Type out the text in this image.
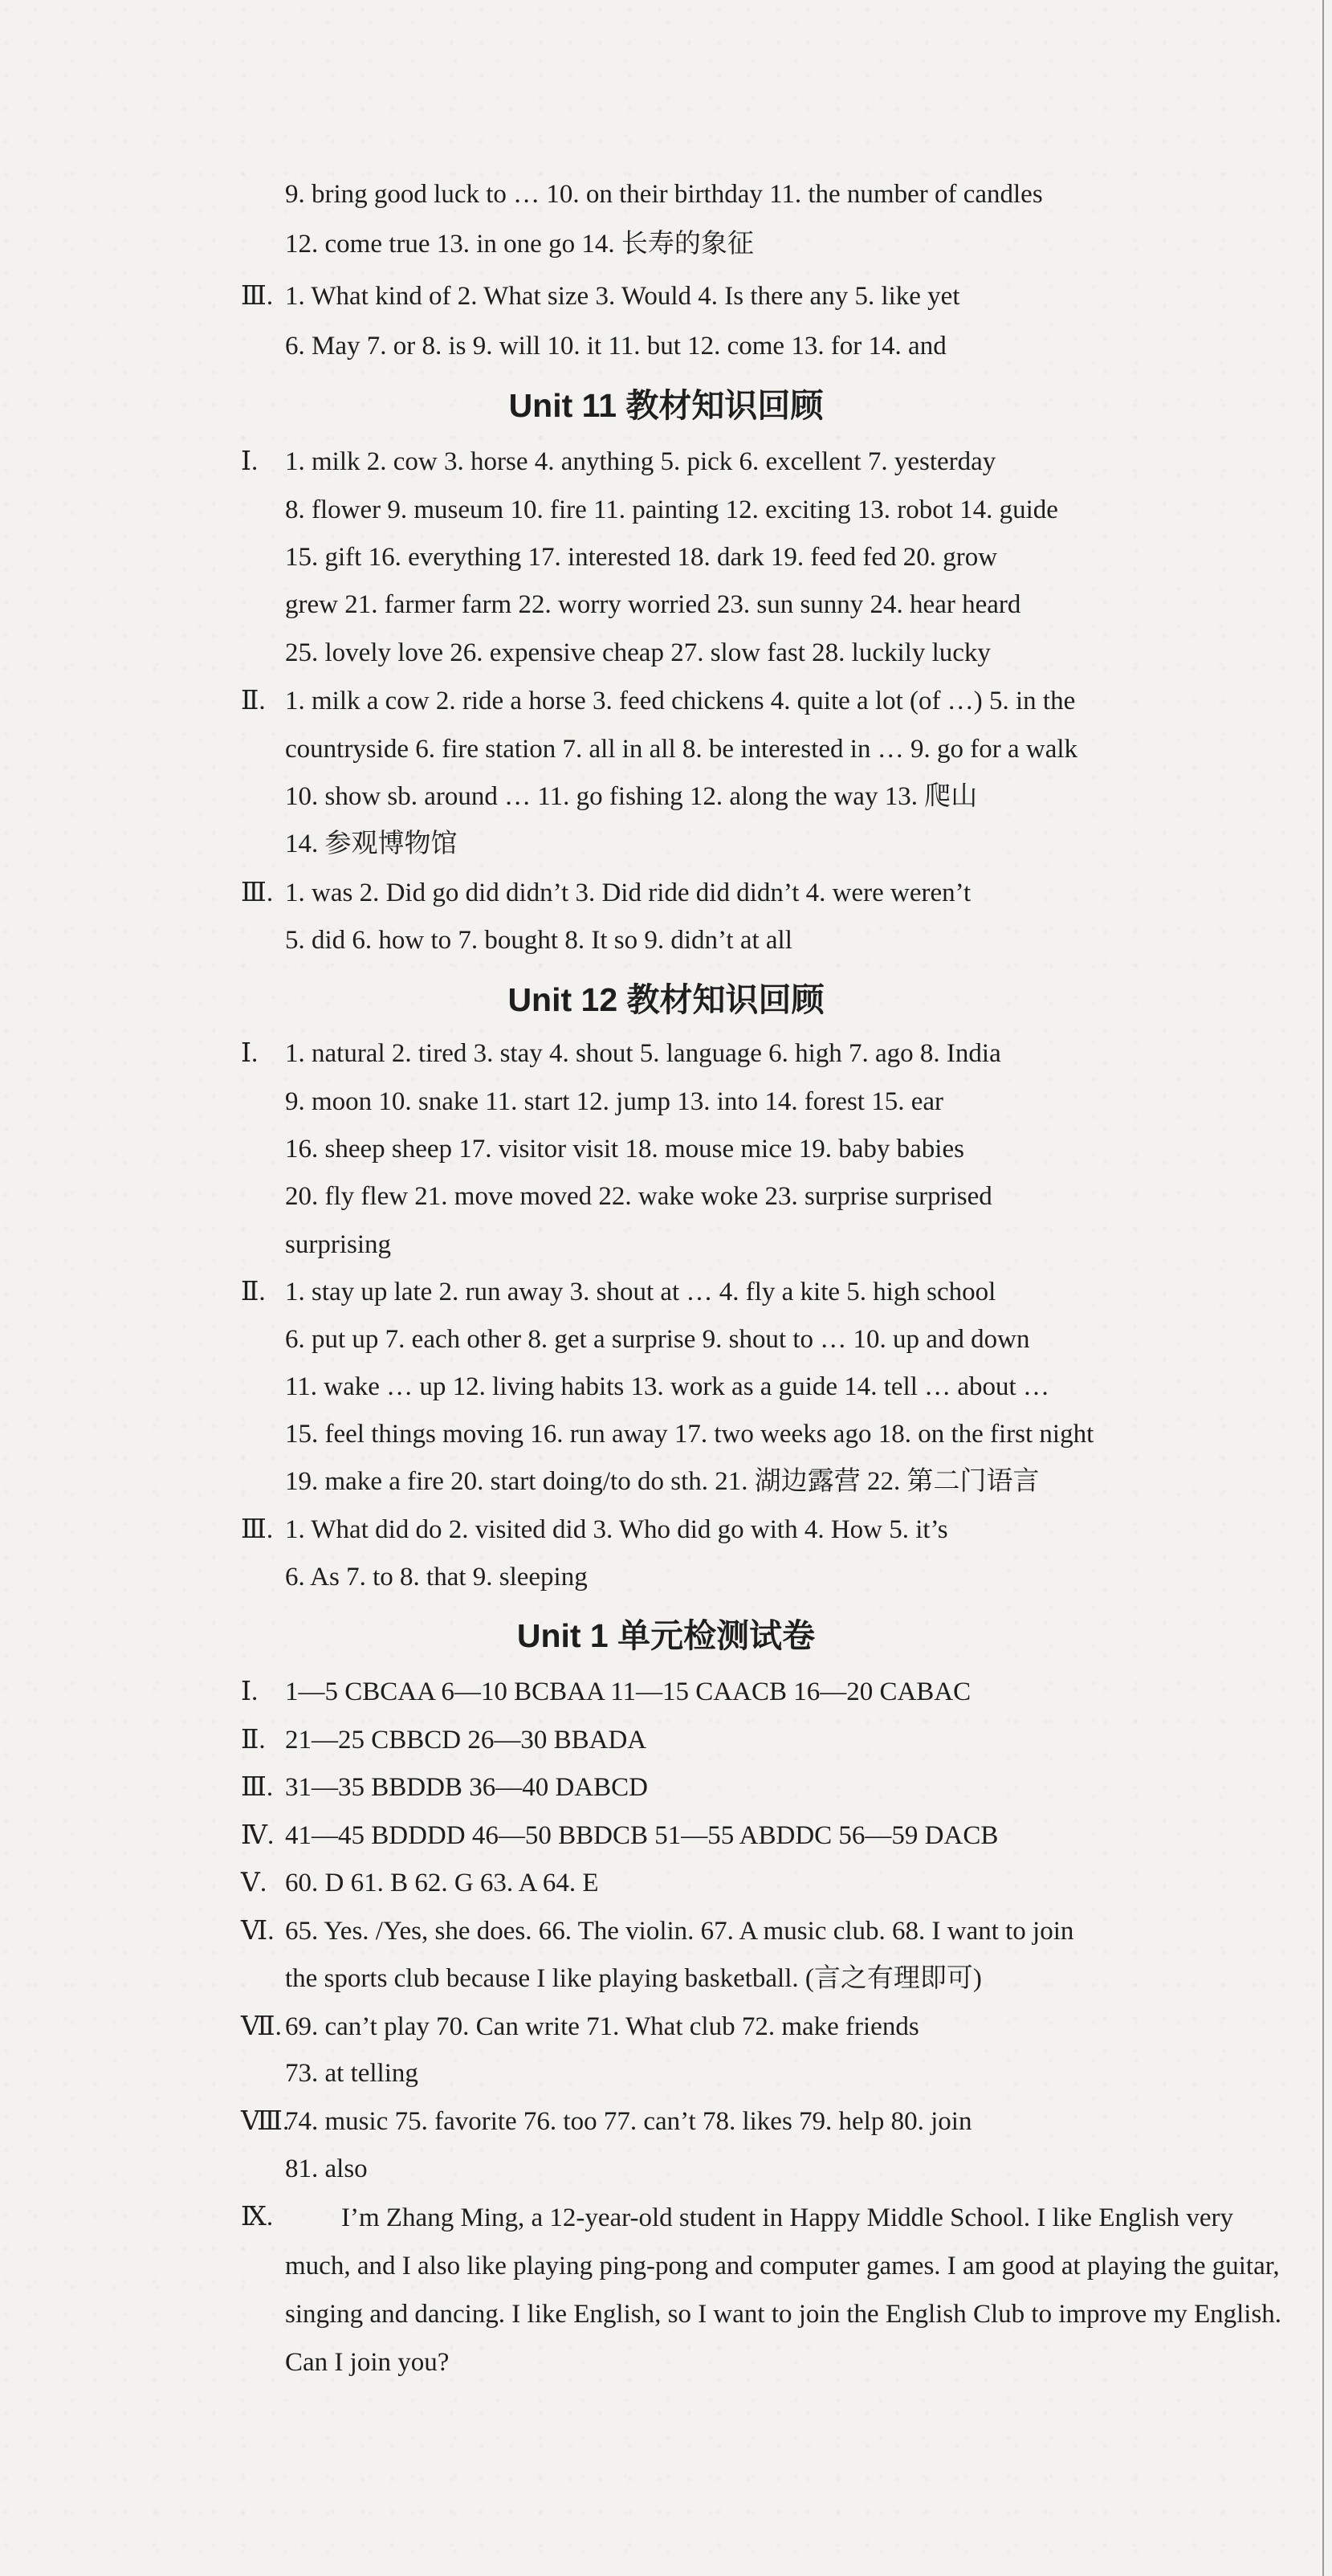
9. bring good luck to … 10. on their birthday 11. the number of candles
12. come true 13. in one go 14. 长寿的象征
Ⅲ. 1. What kind of 2. What size 3. Would 4. Is there any 5. like yet
6. May 7. or 8. is 9. will 10. it 11. but 12. come 13. for 14. and
Unit 11 教材知识回顾
Ⅰ.	1. milk 2. cow 3. horse 4. anything 5. pick 6. excellent 7. yesterday
8. flower 9. museum 10. fire 11. painting 12. exciting 13. robot 14. guide
15. gift 16. everything 17. interested 18. dark 19. feed fed 20. grow
grew 21. farmer farm 22. worry worried 23. sun sunny 24. hear heard
25. lovely love 26. expensive cheap 27. slow fast 28. luckily lucky
Ⅱ. 1. milk a cow 2. ride a horse 3. feed chickens 4. quite a lot (of …) 5. in the
countryside 6. fire station 7. all in all 8. be interested in … 9. go for a walk
10. show sb. around … 11. go fishing 12. along the way 13. 爬山
14. 参观博物馆
Ⅲ. 1. was 2. Did go did didn’t 3. Did ride did didn’t 4. were weren’t
5. did 6. how to 7. bought 8. It so 9. didn’t at all
Unit 12 教材知识回顾
Ⅰ.	1. natural 2. tired 3. stay 4. shout 5. language 6. high 7. ago 8. India
9. moon 10. snake 11. start 12. jump 13. into 14. forest 15. ear
16. sheep sheep 17. visitor visit 18. mouse mice 19. baby babies
20. fly flew 21. move moved 22. wake woke 23. surprise surprised
surprising
Ⅱ. 1. stay up late 2. run away 3. shout at … 4. fly a kite 5. high school
6. put up 7. each other 8. get a surprise 9. shout to … 10. up and down
11. wake … up 12. living habits 13. work as a guide 14. tell … about …
15. feel things moving 16. run away 17. two weeks ago 18. on the first night
19. make a fire 20. start doing/to do sth. 21. 湖边露营 22. 第二门语言
Ⅲ. 1. What did do 2. visited did 3. Who did go with 4. How 5. it’s
6. As 7. to 8. that 9. sleeping
Unit 1 单元检测试卷
Ⅰ.	1—5 CBCAA 6—10 BCBAA 11—15 CAACB 16—20 CABAC
Ⅱ. 21—25 CBBCD 26—30 BBADA
Ⅲ. 31—35 BBDDB 36—40 DABCD
Ⅳ. 41—45 BDDDD 46—50 BBDCB 51—55 ABDDC 56—59 DACB
Ⅴ. 60. D 61. B 62. G 63. A 64. E
Ⅵ. 65. Yes. /Yes, she does. 66. The violin. 67. A music club. 68. I want to join
the sports club because I like playing basketball. (言之有理即可)
Ⅶ. 69. can’t play 70. Can write 71. What club 72. make friends
73. at telling
Ⅷ.
74. music 75. favorite 76. too 77. can’t 78. likes 79. help 80. join
81. also
Ⅸ.	I’m Zhang Ming, a 12-year-old student in Happy Middle School. I like English very much, and I also like playing ping-pong and computer games. I am good at playing the guitar, singing and dancing. I like English, so I want to join the English Club to improve my English. Can I join you?
